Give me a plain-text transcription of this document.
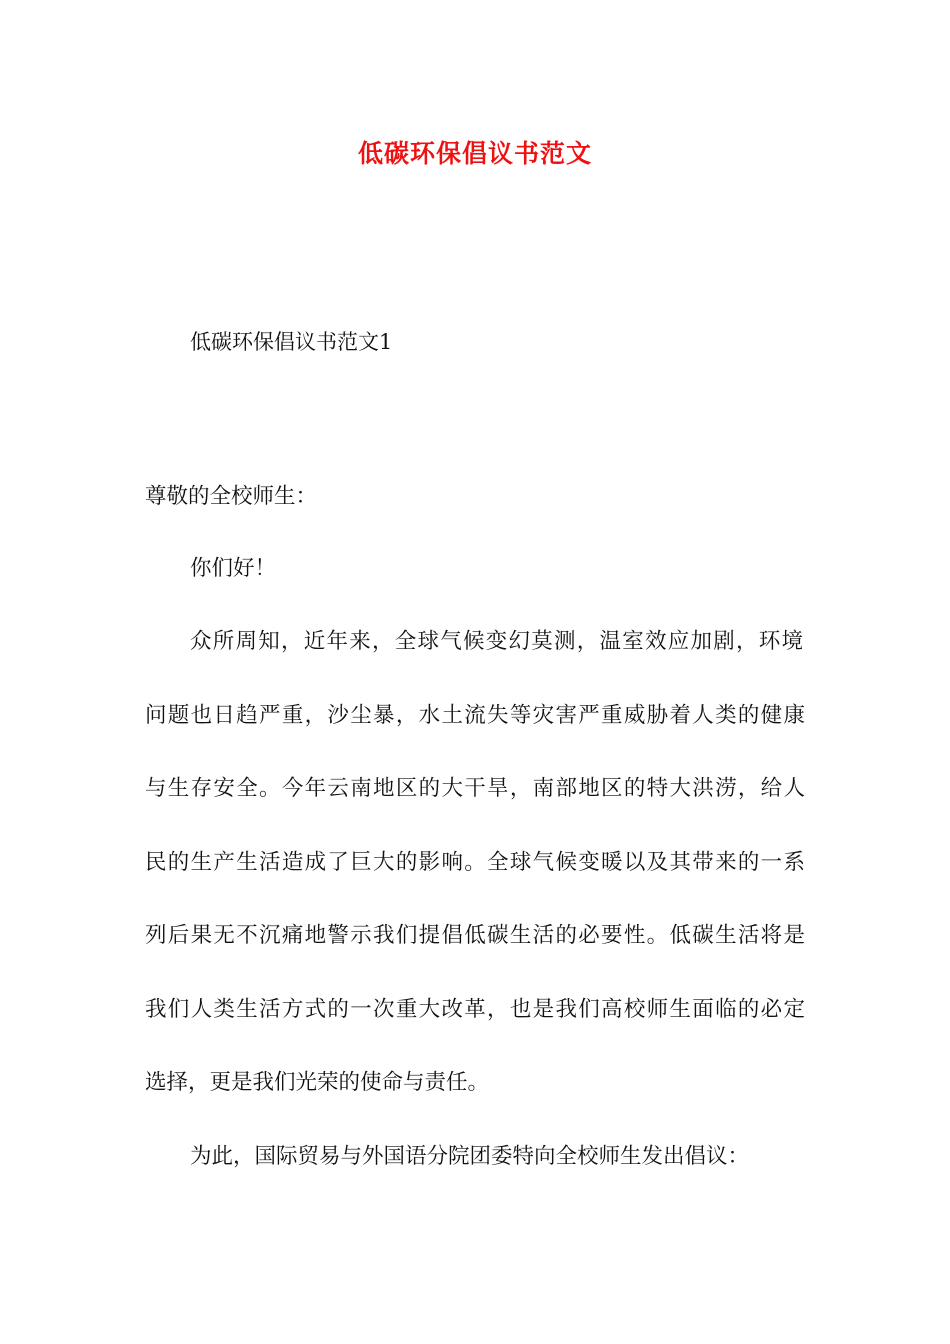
低碳环保倡议书范文
低碳环保倡议书范文1
尊敬的全校师生：
你们好！
众所周知，近年来，全球气候变幻莫测，温室效应加剧，环境
问题也日趋严重，沙尘暴，水土流失等灾害严重威胁着人类的健康
与生存安全。今年云南地区的大干旱，南部地区的特大洪涝，给人
民的生产生活造成了巨大的影响。全球气候变暖以及其带来的一系
列后果无不沉痛地警示我们提倡低碳生活的必要性。低碳生活将是
我们人类生活方式的一次重大改革，也是我们高校师生面临的必定
选择，更是我们光荣的使命与责任。
为此，国际贸易与外国语分院团委特向全校师生发出倡议：
